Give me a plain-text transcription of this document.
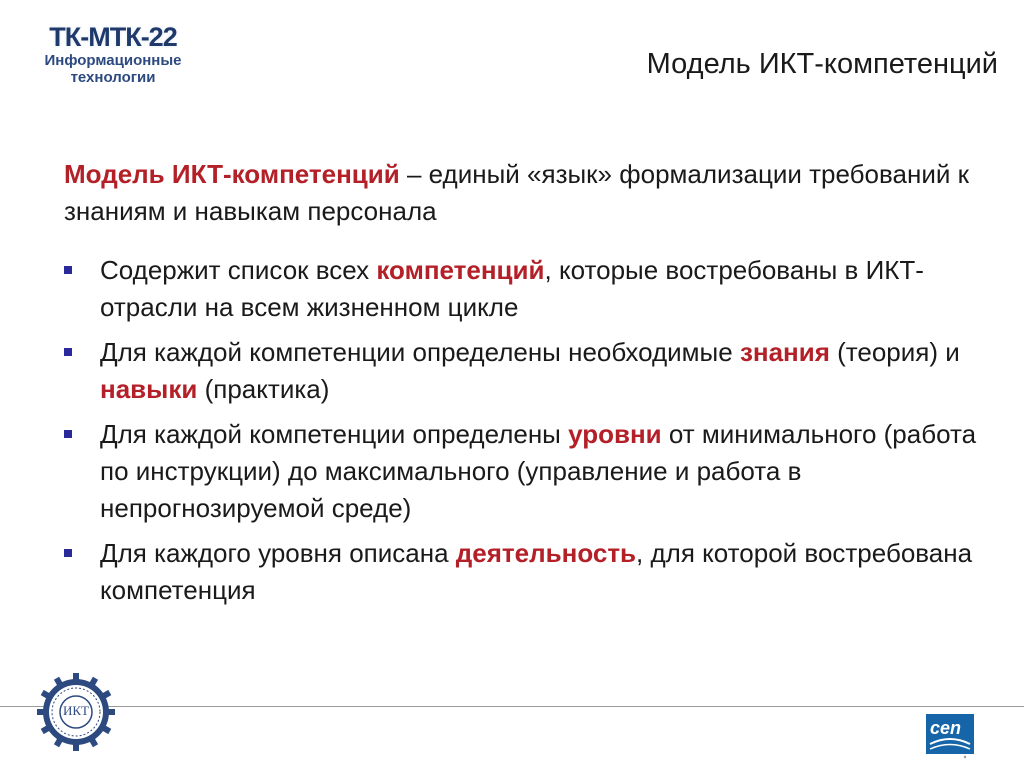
ТК-МТК-22
Информационные
технологии	Модель ИКТ-компетенций
Модель ИКТ-компетенций – единый «язык» формализации требований к знаниям и навыкам персонала
Содержит список всех компетенций, которые востребованы в ИКТ-отрасли на всем жизненном цикле
Для каждой компетенции определены необходимые знания (теория) и навыки (практика)
Для каждой компетенции определены уровни от минимального (работа по инструкции) до максимального (управление и работа в непрогнозируемой среде)
Для каждого уровня описана деятельность, для которой востребована компетенция
ИКТ
cen
